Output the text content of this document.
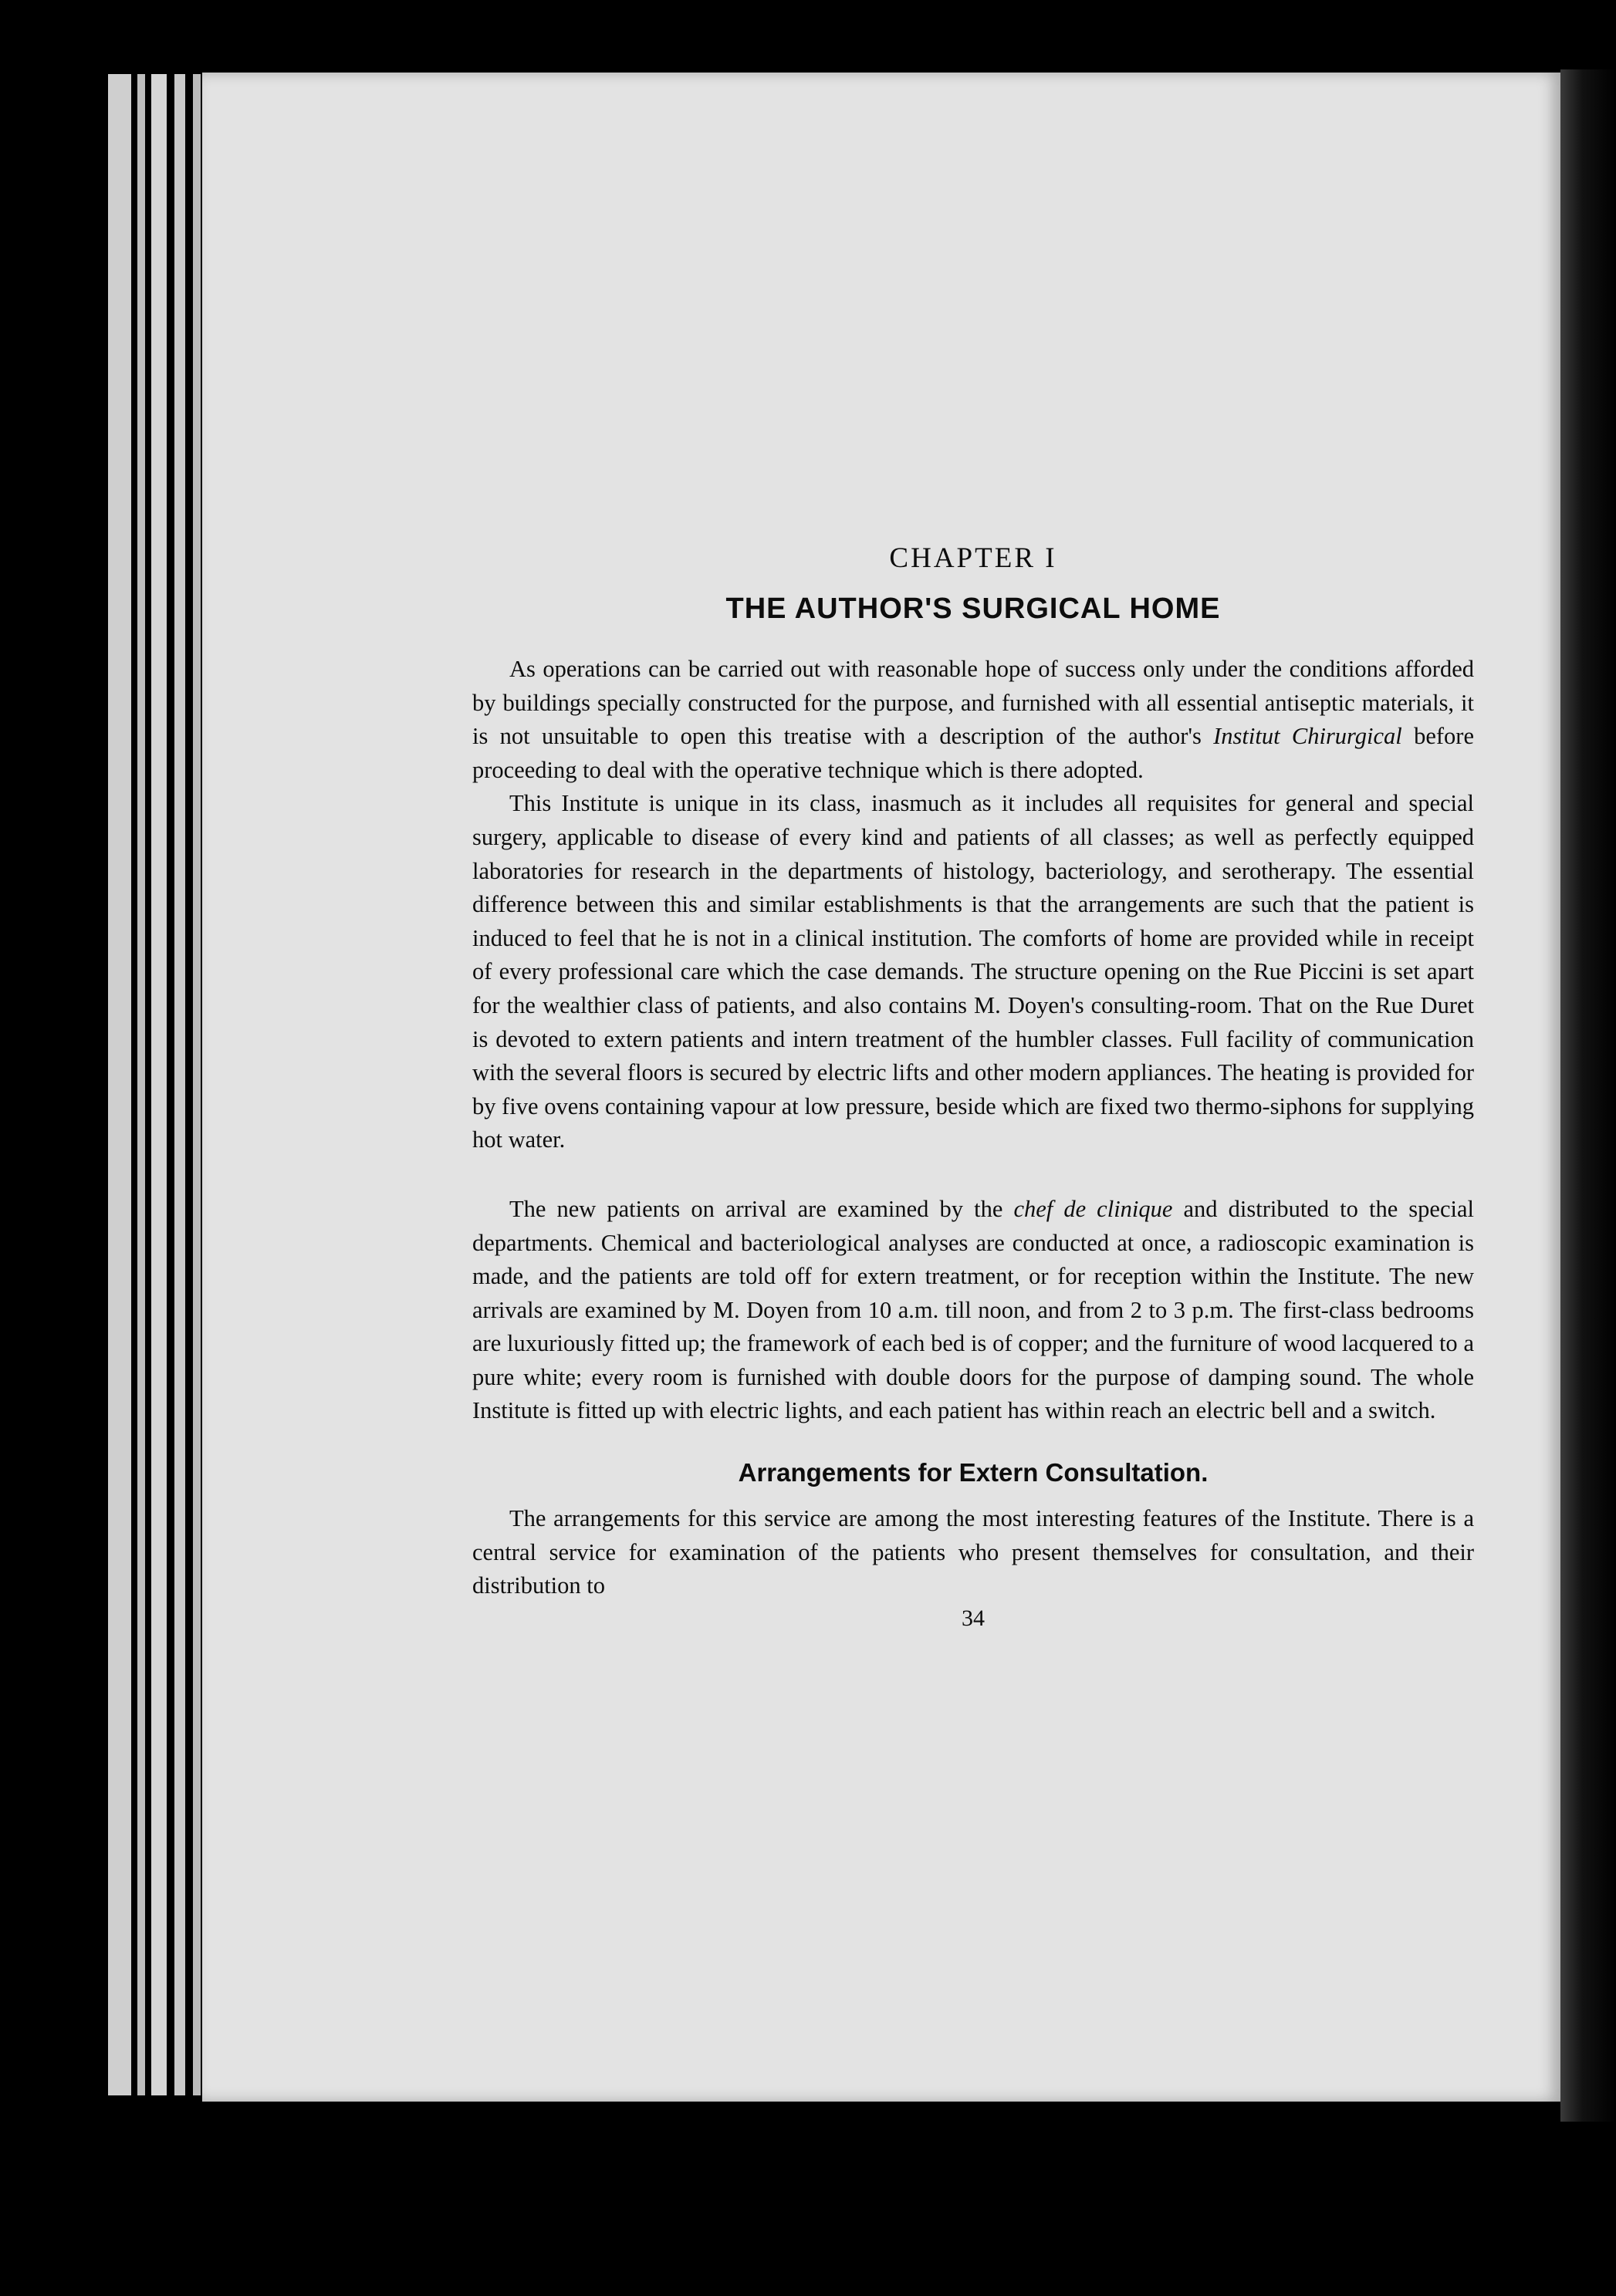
CHAPTER I
THE AUTHOR'S SURGICAL HOME

As operations can be carried out with reasonable hope of success only under the conditions afforded by buildings specially constructed for the purpose, and furnished with all essential antiseptic materials, it is not unsuitable to open this treatise with a description of the author's Institut Chirurgical before proceeding to deal with the operative technique which is there adopted.

This Institute is unique in its class, inasmuch as it includes all requisites for general and special surgery, applicable to disease of every kind and patients of all classes; as well as perfectly equipped laboratories for research in the departments of histology, bacteriology, and serotherapy. The essential difference between this and similar establishments is that the arrangements are such that the patient is induced to feel that he is not in a clinical institution. The comforts of home are provided while in receipt of every professional care which the case demands. The structure opening on the Rue Piccini is set apart for the wealthier class of patients, and also contains M. Doyen's consulting-room. That on the Rue Duret is devoted to extern patients and intern treatment of the humbler classes. Full facility of communication with the several floors is secured by electric lifts and other modern appliances. The heating is provided for by five ovens containing vapour at low pressure, beside which are fixed two thermo-siphons for supplying hot water.

The new patients on arrival are examined by the chef de clinique and distributed to the special departments. Chemical and bacteriological analyses are conducted at once, a radioscopic examination is made, and the patients are told off for extern treatment, or for reception within the Institute. The new arrivals are examined by M. Doyen from 10 a.m. till noon, and from 2 to 3 p.m. The first-class bedrooms are luxuriously fitted up; the framework of each bed is of copper; and the furniture of wood lacquered to a pure white; every room is furnished with double doors for the purpose of damping sound. The whole Institute is fitted up with electric lights, and each patient has within reach an electric bell and a switch.

Arrangements for Extern Consultation.

The arrangements for this service are among the most interesting features of the Institute. There is a central service for examination of the patients who present themselves for consultation, and their distribution to

34
